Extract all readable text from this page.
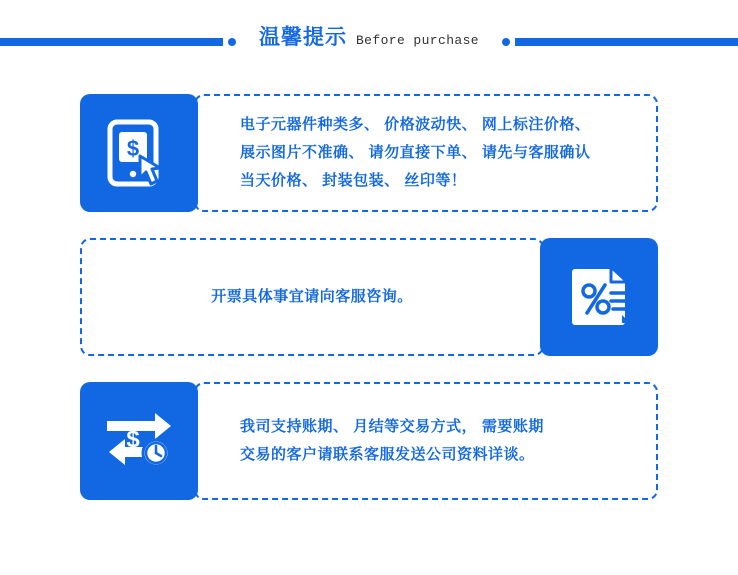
温馨提示 Before purchase
$
电子元器件种类多、 价格波动快、 网上标注价格、
展示图片不准确、 请勿直接下单、 请先与客服确认
当天价格、 封装包装、 丝印等！
开票具体事宜请向客服咨询。
$	我司支持账期、 月结等交易方式， 需要账期
交易的客户请联系客服发送公司资料详谈。
